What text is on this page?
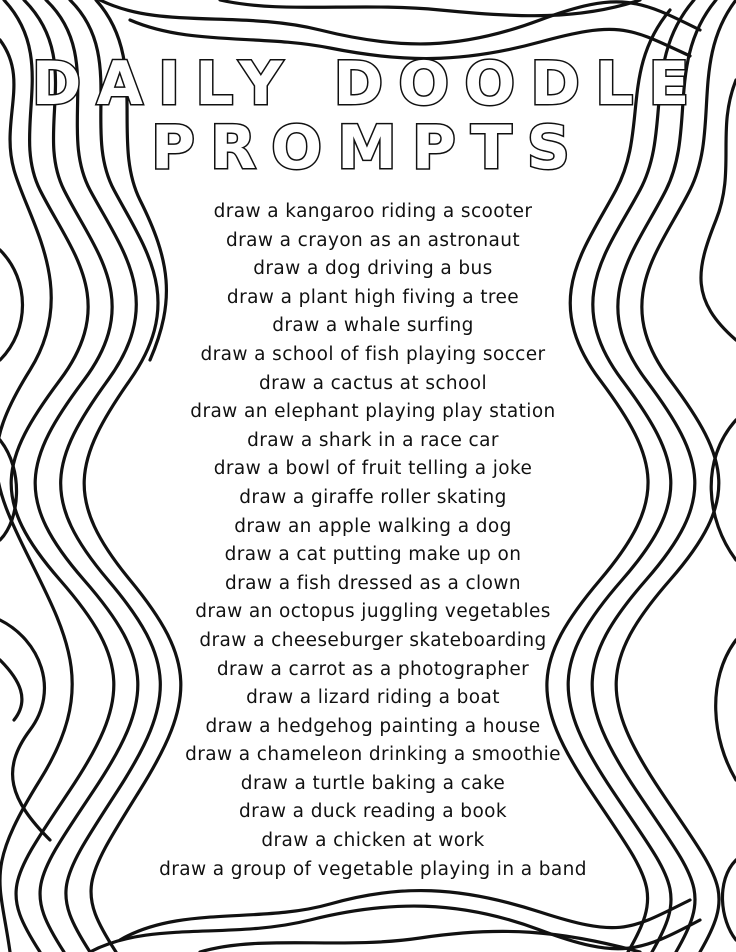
DAILY DOODLE

PROMPTS

draw a kangaroo riding a scooter
draw a crayon as an astronaut
draw a dog driving a bus
draw a plant high fiving a tree
draw a whale surfing
draw a school of fish playing soccer
draw a cactus at school
draw an elephant playing play station
draw a shark in a race car
draw a bowl of fruit telling a joke
draw a giraffe roller skating
draw an apple walking a dog
draw a cat putting make up on
draw a fish dressed as a clown
draw an octopus juggling vegetables
draw a cheeseburger skateboarding
draw a carrot as a photographer
draw a lizard riding a boat
draw a hedgehog painting a house
draw a chameleon drinking a smoothie
draw a turtle baking a cake
draw a duck reading a book
draw a chicken at work
draw a group of vegetable playing in a band
